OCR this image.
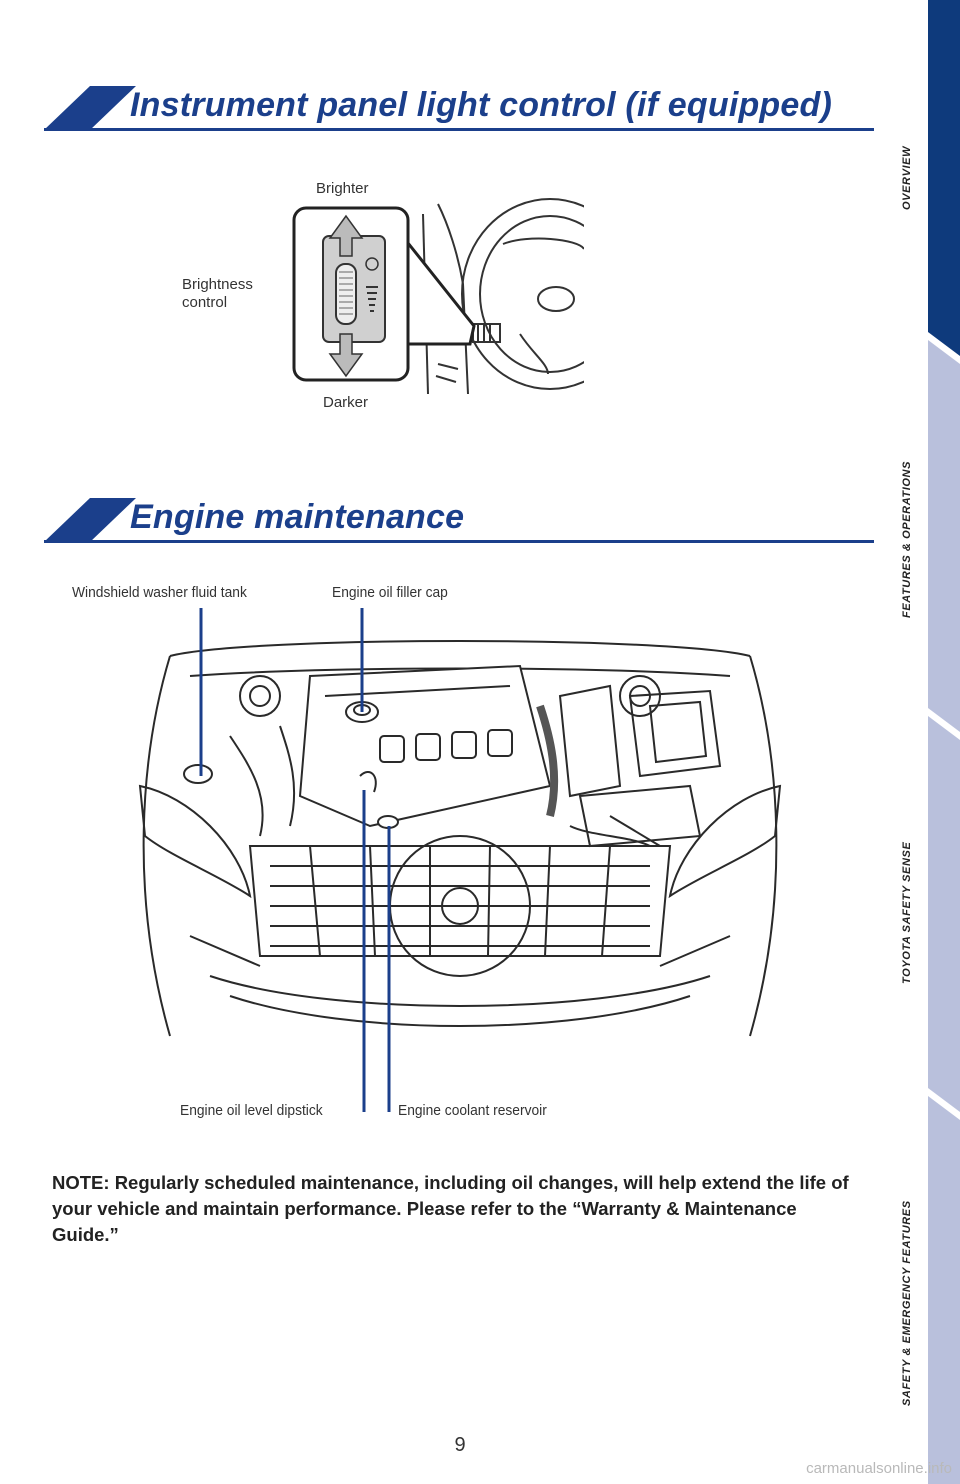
Instrument panel light control (if equipped)
Brighter
Brightness
control
Darker
Engine maintenance
Windshield washer fluid tank	Engine oil filler cap
Engine oil level dipstick	Engine coolant reservoir
NOTE: Regularly scheduled maintenance, including oil changes, will help extend the life of your vehicle and maintain performance. Please refer to the “Warranty & Maintenance Guide.”
OVERVIEW
FEATURES & OPERATIONS
TOYOTA SAFETY SENSE
SAFETY & EMERGENCY FEATURES
9
carmanualsonline.info
